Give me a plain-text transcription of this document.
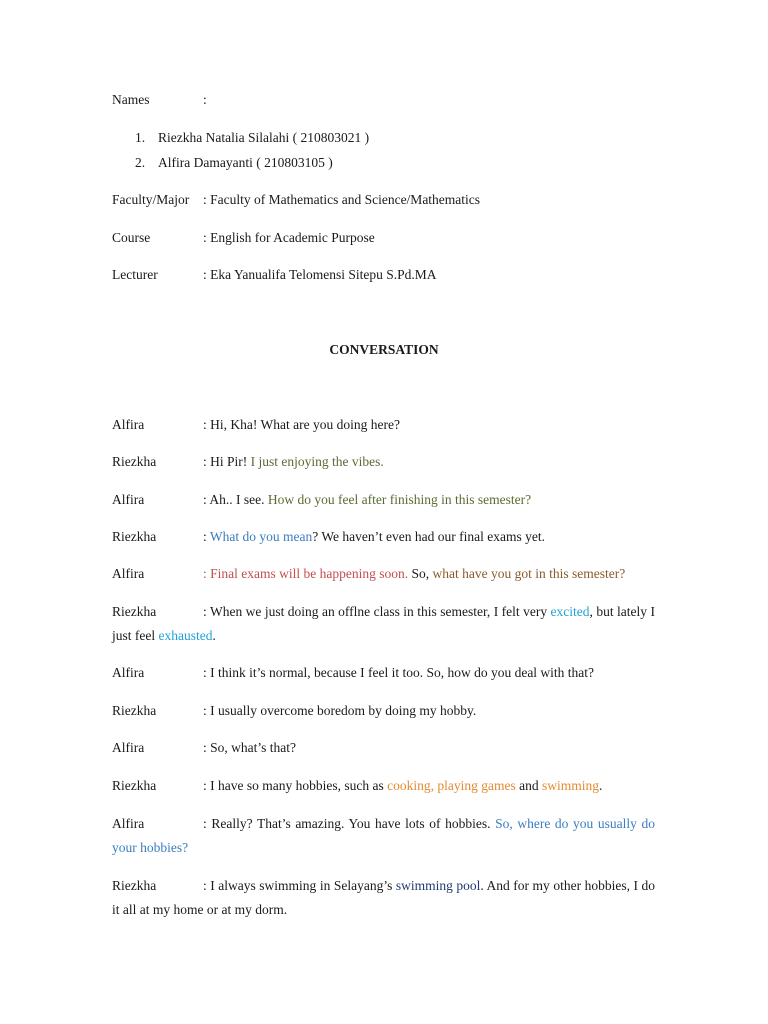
Names	:
1. Riezkha Natalia Silalahi ( 210803021 )
2. Alfira Damayanti ( 210803105 )
Faculty/Major : Faculty of Mathematics and Science/Mathematics
Course	: English for Academic Purpose
Lecturer	: Eka Yanualifa Telomensi Sitepu S.Pd.MA
CONVERSATION
Alfira	: Hi, Kha! What are you doing here?
Riezkha	: Hi Pir! I just enjoying the vibes.
Alfira	: Ah.. I see. How do you feel after finishing in this semester?
Riezkha	: What do you mean? We haven’t even had our final exams yet.
Alfira	: Final exams will be happening soon. So, what have you got in this semester?
Riezkha	: When we just doing an offlne class in this semester, I felt very excited, but lately I just feel exhausted.
Alfira	: I think it’s normal, because I feel it too. So, how do you deal with that?
Riezkha	: I usually overcome boredom by doing my hobby.
Alfira	: So, what’s that?
Riezkha	: I have so many hobbies, such as cooking, playing games and swimming.
Alfira	: Really? That’s amazing. You have lots of hobbies. So, where do you usually do your hobbies?
Riezkha	: I always swimming in Selayang’s swimming pool. And for my other hobbies, I do it all at my home or at my dorm.
